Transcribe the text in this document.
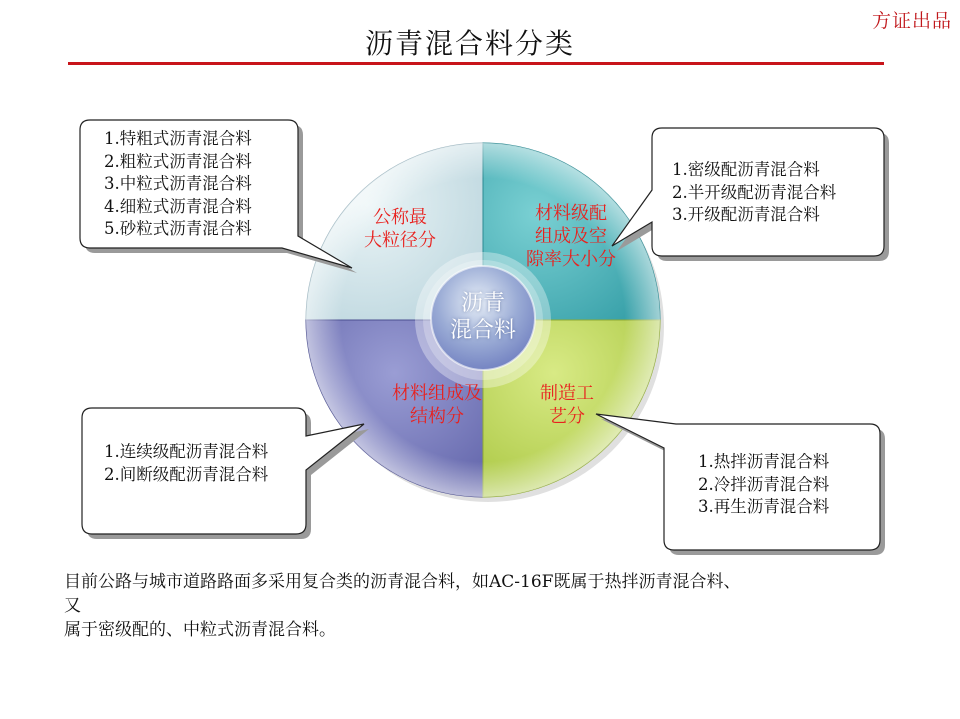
方证出品
沥青混合料分类
公称最
大粒径分
材料级配
组成及空
隙率大小分
材料组成及
结构分
制造工
艺分
沥青
混合料
1.特粗式沥青混合料
2.粗粒式沥青混合料
3.中粒式沥青混合料
4.细粒式沥青混合料
5.砂粒式沥青混合料
1.密级配沥青混合料
2.半开级配沥青混合料
3.开级配沥青混合料
1.连续级配沥青混合料
2.间断级配沥青混合料
1.热拌沥青混合料
2.冷拌沥青混合料
3.再生沥青混合料

目前公路与城市道路路面多采用复合类的沥青混合料，如AC-16F既属于热拌沥青混合料、

又

属于密级配的、中粒式沥青混合料。
